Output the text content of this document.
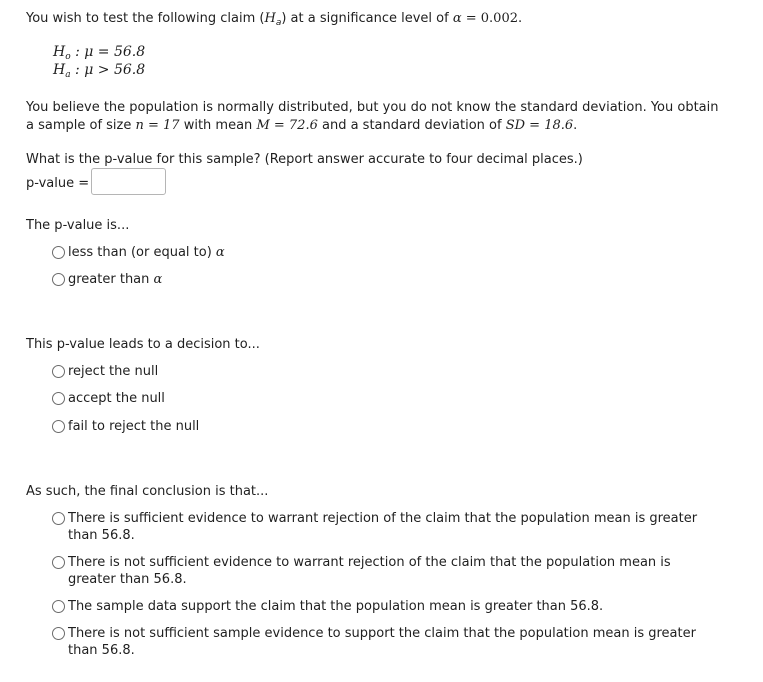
You wish to test the following claim $(H_a)$ at a significance level of α = 0.002.
$H_o$ : μ = 56.8
$H_a$ : μ > 56.8
You believe the population is normally distributed, but you do not know the standard deviation. You obtain
a sample of size n = 17 with mean M = 72.6 and a standard deviation of SD = 18.6.
What is the p-value for this sample? (Report answer accurate to four decimal places.)
p-value =
The p-value is...
less than (or equal to) α
greater than α
This p-value leads to a decision to...
reject the null
accept the null
fail to reject the null
As such, the final conclusion is that...
There is sufficient evidence to warrant rejection of the claim that the population mean is greater than 56.8.
There is not sufficient evidence to warrant rejection of the claim that the population mean is greater than 56.8.
The sample data support the claim that the population mean is greater than 56.8.
There is not sufficient sample evidence to support the claim that the population mean is greater than 56.8.
